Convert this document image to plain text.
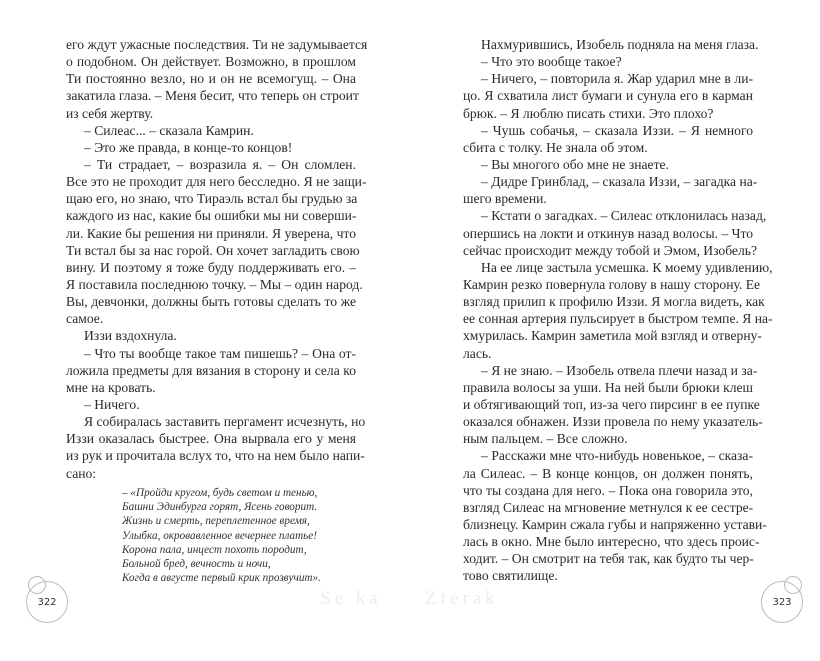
его ждут ужасные последствия. Ти не задумывается
о подобном. Он действует. Возможно, в прошлом
Ти постоянно везло, но и он не всемогущ. – Она
закатила глаза. – Меня бесит, что теперь он строит
из себя жертву.
– Силеас... – сказала Камрин.
– Это же правда, в конце-то концов!
– Ти страдает, – возразила я. – Он сломлен.
Все это не проходит для него бесследно. Я не защи-
щаю его, но знаю, что Тираэль встал бы грудью за
каждого из нас, какие бы ошибки мы ни соверши-
ли. Какие бы решения ни приняли. Я уверена, что
Ти встал бы за нас горой. Он хочет загладить свою
вину. И поэтому я тоже буду поддерживать его. –
Я поставила последнюю точку. – Мы – один народ.
Вы, девчонки, должны быть готовы сделать то же
самое.
Иззи вздохнула.
– Что ты вообще такое там пишешь? – Она от-
ложила предметы для вязания в сторону и села ко
мне на кровать.
– Ничего.
Я собиралась заставить пергамент исчезнуть, но
Иззи оказалась быстрее. Она вырвала его у меня
из рук и прочитала вслух то, что на нем было напи-
сано:
– «Пройди кругом, будь светом и тенью,
Башни Эдинбурга горят, Ясень говорит.
Жизнь и смерть, переплетенное время,
Улыбка, окровавленное вечернее платье!
Корона пала, инцест похоть породит,
Больной бред, вечность и ночи,
Когда в августе первый крик прозвучит».
Нахмурившись, Изобель подняла на меня глаза.
– Что это вообще такое?
– Ничего, – повторила я. Жар ударил мне в ли-
цо. Я схватила лист бумаги и сунула его в карман
брюк. – Я люблю писать стихи. Это плохо?
– Чушь собачья, – сказала Иззи. – Я немного
сбита с толку. Не знала об этом.
– Вы многого обо мне не знаете.
– Дидре Гринблад, – сказала Иззи, – загадка на-
шего времени.
– Кстати о загадках. – Силеас отклонилась назад,
опершись на локти и откинув назад волосы. – Что
сейчас происходит между тобой и Эмом, Изобель?
На ее лице застыла усмешка. К моему удивлению,
Камрин резко повернула голову в нашу сторону. Ее
взгляд прилип к профилю Иззи. Я могла видеть, как
ее сонная артерия пульсирует в быстром темпе. Я на-
хмурилась. Камрин заметила мой взгляд и отверну-
лась.
– Я не знаю. – Изобель отвела плечи назад и за-
правила волосы за уши. На ней были брюки клеш
и обтягивающий топ, из-за чего пирсинг в ее пупке
оказался обнажен. Иззи провела по нему указатель-
ным пальцем. – Все сложно.
– Расскажи мне что-нибудь новенькое, – сказа-
ла Силеас. – В конце концов, он должен понять,
что ты создана для него. – Пока она говорила это,
взгляд Силеас на мгновение метнулся к ее сестре-
близнецу. Камрин сжала губы и напряженно устави-
лась в окно. Мне было интересно, что здесь проис-
ходит. – Он смотрит на тебя так, как будто ты чер-
тово святилище.
322	323
Se ka Zterak
